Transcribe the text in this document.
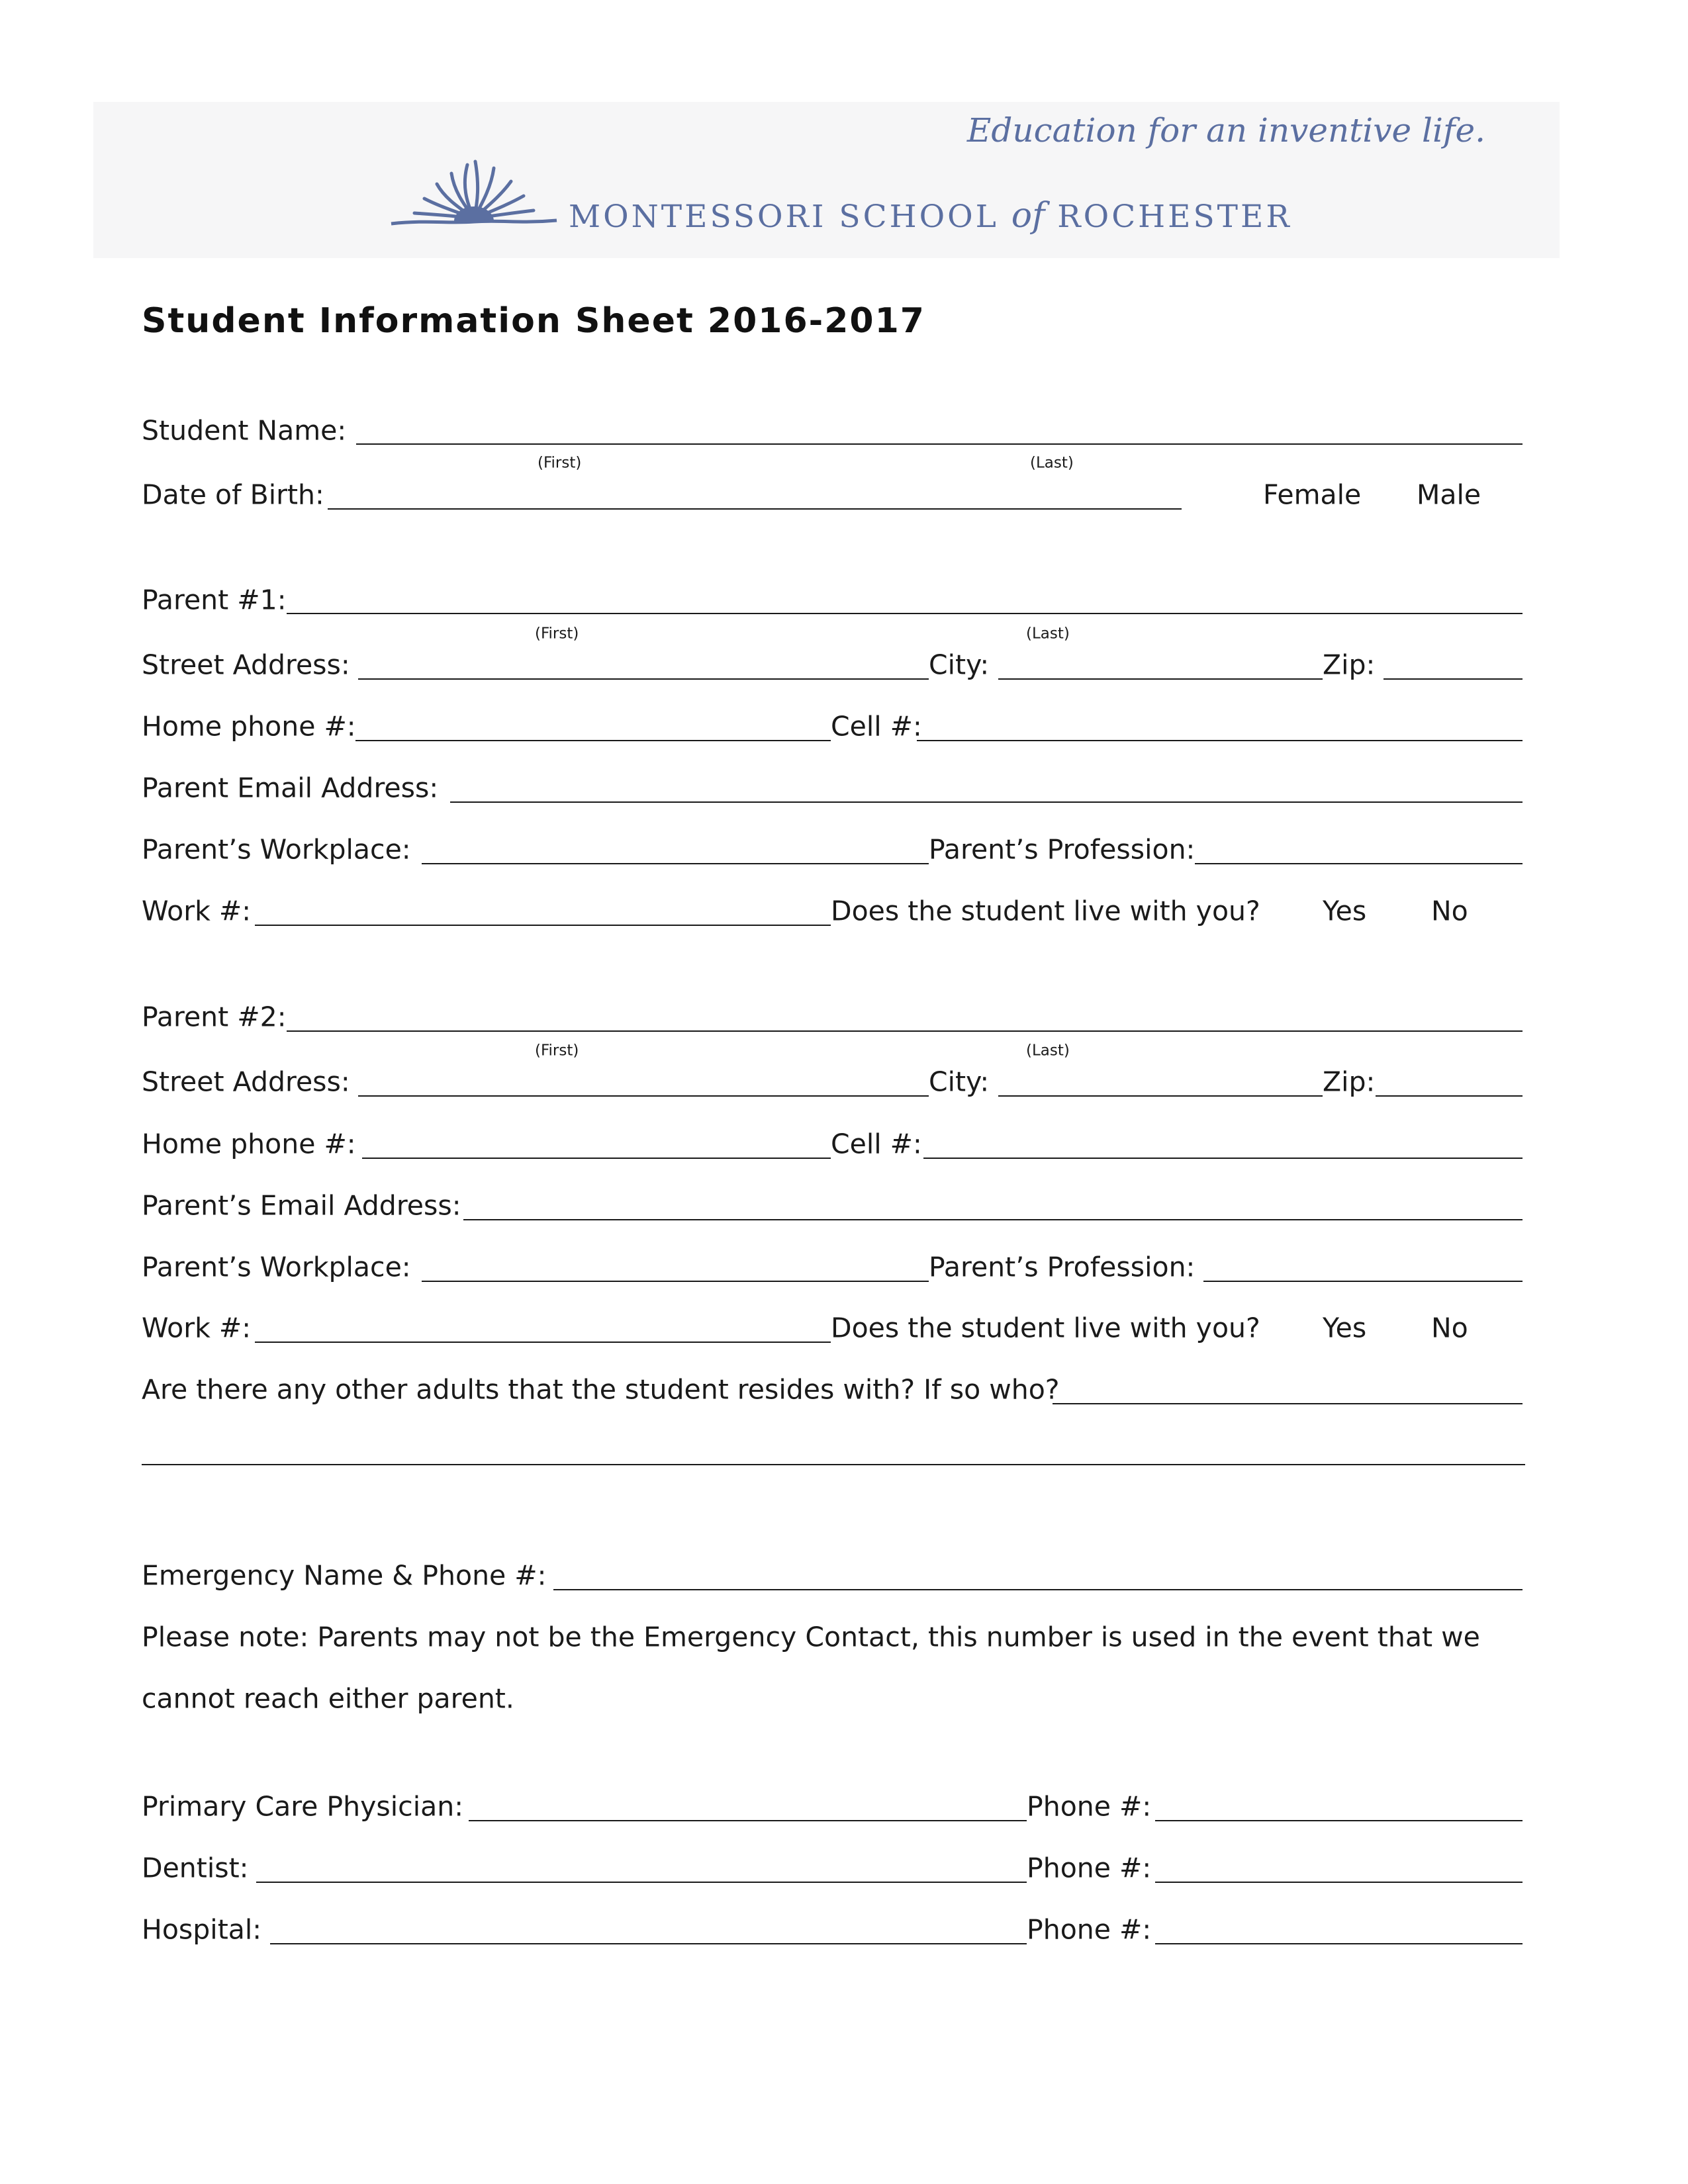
Education for an inventive life.
MONTESSORI SCHOOL of ROCHESTER
Student Information Sheet 2016-2017
Student Name:
(First)	(Last)
Date of Birth:	Female Male
Parent #1:
(First)	(Last)
Street Address:	City:	Zip:
Home phone #:	Cell #:
Parent Email Address:
Parent’s Workplace:	Parent’s Profession:
Work #:	Does the student live with you? Yes No
Parent #2:
(First)	(Last)
Street Address:	City:	Zip:
Home phone #:	Cell #:
Parent’s Email Address:
Parent’s Workplace:	Parent’s Profession:
Work #:	Does the student live with you? Yes No
Are there any other adults that the student resides with? If so who?
Emergency Name & Phone #:
Please note: Parents may not be the Emergency Contact, this number is used in the event that we
cannot reach either parent.
Primary Care Physician:	Phone #:
Dentist:	Phone #:
Hospital:	Phone #:
